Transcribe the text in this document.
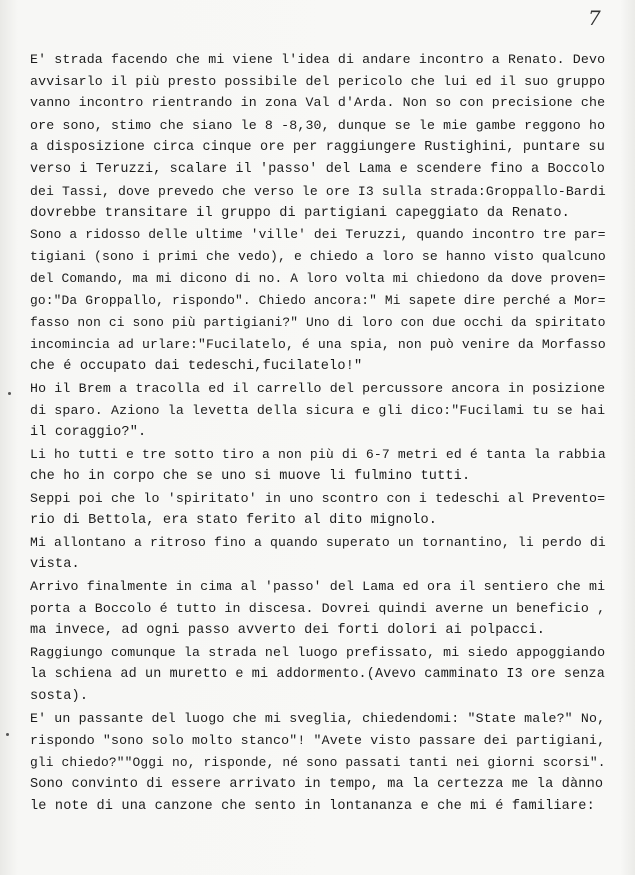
7
E' strada facendo che mi viene l'idea di andare incontro a Renato. Devo
avvisarlo il più presto possibile del pericolo che lui ed il suo gruppo
vanno incontro rientrando in zona Val d'Arda. Non so con precisione che
ore sono, stimo che siano le 8 -8,30, dunque se le mie gambe reggono ho
a disposizione circa cinque ore per raggiungere Rustighini, puntare su
verso i Teruzzi, scalare il 'passo' del Lama e scendere fino a Boccolo
dei Tassi, dove prevedo che verso le ore I3 sulla strada:Groppallo-Bardi
dovrebbe transitare il gruppo di partigiani capeggiato da Renato.
Sono a ridosso delle ultime 'ville' dei Teruzzi, quando incontro tre par=
tigiani (sono i primi che vedo), e chiedo a loro se hanno visto qualcuno
del Comando, ma mi dicono di no. A loro volta mi chiedono da dove proven=
go:"Da Groppallo, rispondo". Chiedo ancora:" Mi sapete dire perché a Mor=
fasso non ci sono più partigiani?" Uno di loro con due occhi da spiritato
incomincia ad urlare:"Fucilatelo, é una spia, non può venire da Morfasso
che é occupato dai tedeschi,fucilatelo!"
Ho il Brem a tracolla ed il carrello del percussore ancora in posizione
di sparo. Aziono la levetta della sicura e gli dico:"Fucilami tu se hai
il coraggio?".
Li ho tutti e tre sotto tiro a non più di 6-7 metri ed é tanta la rabbia
che ho in corpo che se uno si muove li fulmino tutti.
Seppi poi che lo 'spiritato' in uno scontro con i tedeschi al Prevento=
rio di Bettola, era stato ferito al dito mignolo.
Mi allontano a ritroso fino a quando superato un tornantino, li perdo di
vista.
Arrivo finalmente in cima al 'passo' del Lama ed ora il sentiero che mi
porta a Boccolo é tutto in discesa. Dovrei quindi averne un beneficio ,
ma invece, ad ogni passo avverto dei forti dolori ai polpacci.
Raggiungo comunque la strada nel luogo prefissato, mi siedo appoggiando
la schiena ad un muretto e mi addormento.(Avevo camminato I3 ore senza
sosta).
E' un passante del luogo che mi sveglia, chiedendomi: "State male?" No,
rispondo "sono solo molto stanco"! "Avete visto passare dei partigiani,
gli chiedo?""Oggi no, risponde, né sono passati tanti nei giorni scorsi".
Sono convinto di essere arrivato in tempo, ma la certezza me la dànno
le note di una canzone che sento in lontananza e che mi é familiare:
